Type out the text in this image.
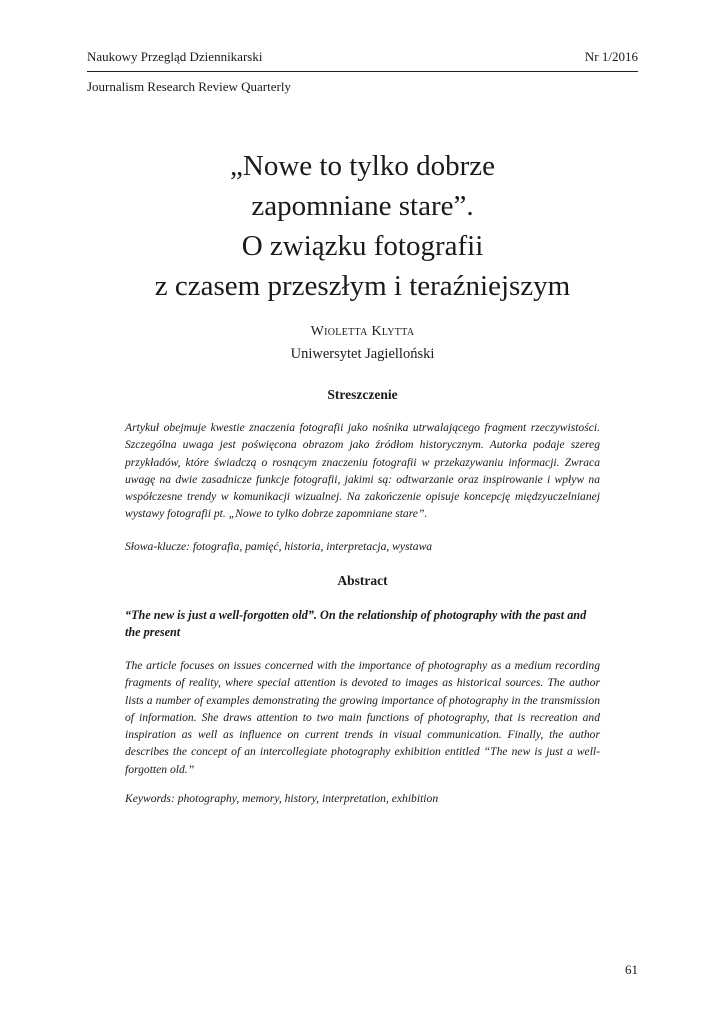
Naukowy Przegląd Dziennikarski	Nr 1/2016
Journalism Research Review Quarterly
„Nowe to tylko dobrze
zapomniane stare”.
O związku fotografii
z czasem przeszłym i teraźniejszym
Wioletta Klytta
Uniwersytet Jagielloński
Streszczenie
Artykuł obejmuje kwestie znaczenia fotografii jako nośnika utrwalającego fragment rzeczywistości. Szczególna uwaga jest poświęcona obrazom jako źródłom historycznym. Autorka podaje szereg przykładów, które świadczą o rosnącym znaczeniu fotografii w przekazywaniu informacji. Zwraca uwagę na dwie zasadnicze funkcje fotografii, jakimi są: odtwarzanie oraz inspirowanie i wpływ na współczesne trendy w komunikacji wizualnej. Na zakończenie opisuje koncepcję międzyuczelnianej wystawy fotografii pt. „Nowe to tylko dobrze zapomniane stare”.
Słowa-klucze: fotografia, pamięć, historia, interpretacja, wystawa
Abstract
“The new is just a well-forgotten old”. On the relationship of photography with the past and the present
The article focuses on issues concerned with the importance of photography as a medium recording fragments of reality, where special attention is devoted to images as historical sources. The author lists a number of examples demonstrating the growing importance of photography in the transmission of information. She draws attention to two main functions of photography, that is recreation and inspiration as well as influence on current trends in visual communication. Finally, the author describes the concept of an intercollegiate photography exhibition entitled “The new is just a well-forgotten old.”
Keywords: photography, memory, history, interpretation, exhibition
61
